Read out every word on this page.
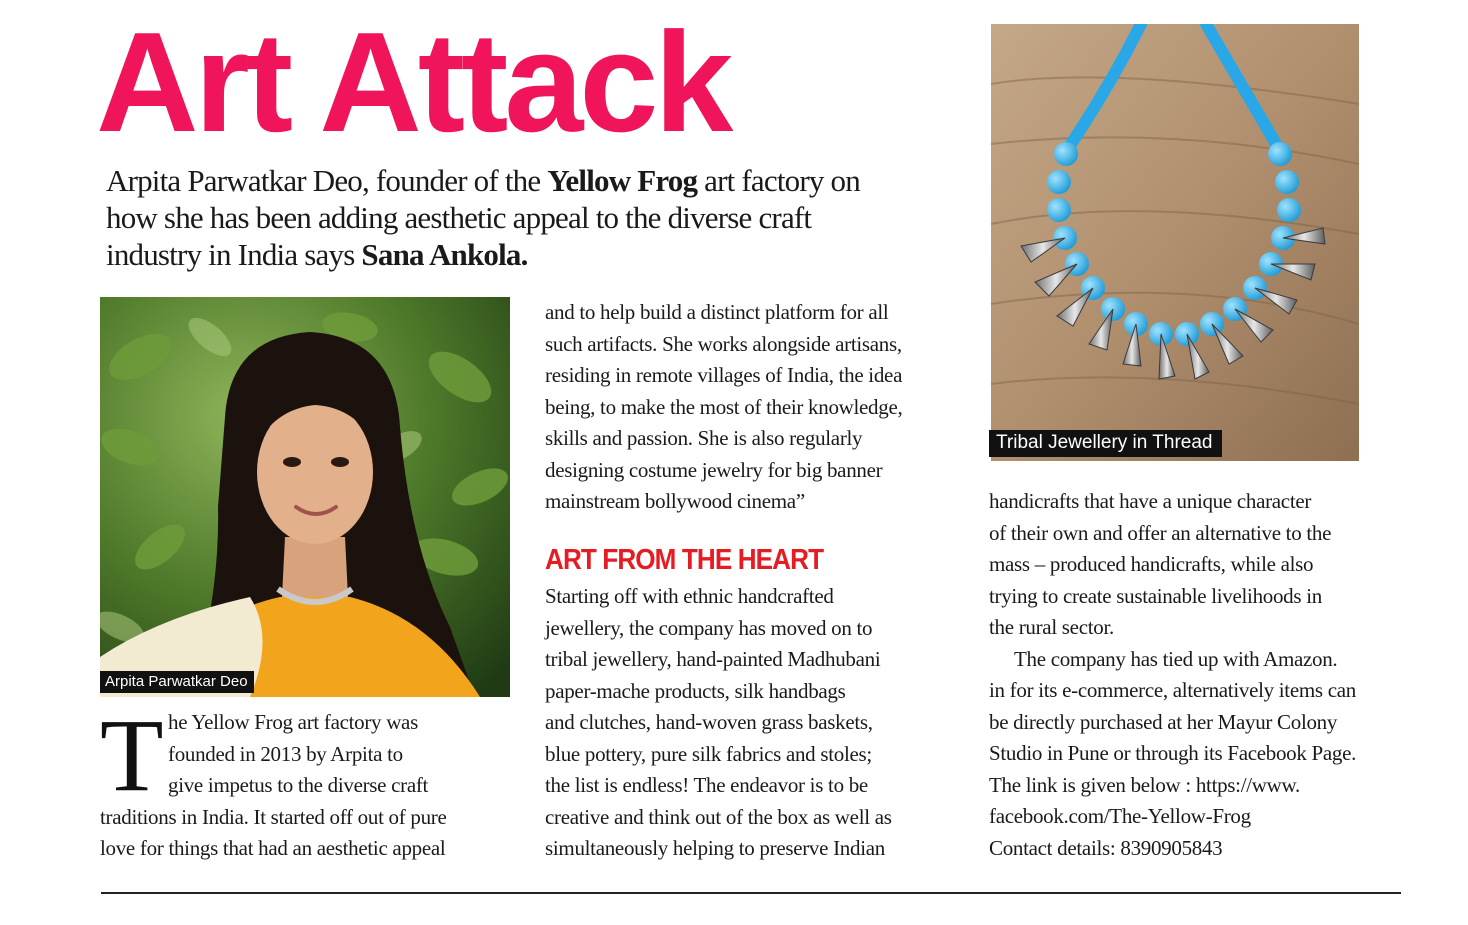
Art Attack
Arpita Parwatkar Deo, founder of the Yellow Frog art factory on how she has been adding aesthetic appeal to the diverse craft industry in India says Sana Ankola.
Arpita Parwatkar Deo
Tribal Jewellery in Thread
T he Yellow Frog art factory was
founded in 2013 by Arpita to
give impetus to the diverse craft
traditions in India. It started off out of pure
love for things that had an aesthetic appeal

and to help build a distinct platform for all

such artifacts. She works alongside artisans,

residing in remote villages of India, the idea

being, to make the most of their knowledge,

skills and passion. She is also regularly

designing costume jewelry for big banner

mainstream bollywood cinema”

ART FROM THE HEART

Starting off with ethnic handcrafted

jewellery, the company has moved on to

tribal jewellery, hand-painted Madhubani

paper-mache products, silk handbags

and clutches, hand-woven grass baskets,

blue pottery, pure silk fabrics and stoles;

the list is endless! The endeavor is to be

creative and think out of the box as well as

simultaneously helping to preserve Indian

handicrafts that have a unique character

of their own and offer an alternative to the

mass – produced handicrafts, while also

trying to create sustainable livelihoods in

the rural sector.

The company has tied up with Amazon.

in for its e-commerce, alternatively items can

be directly purchased at her Mayur Colony

Studio in Pune or through its Facebook Page.

The link is given below : https://www.

facebook.com/The-Yellow-Frog

Contact details: 8390905843
